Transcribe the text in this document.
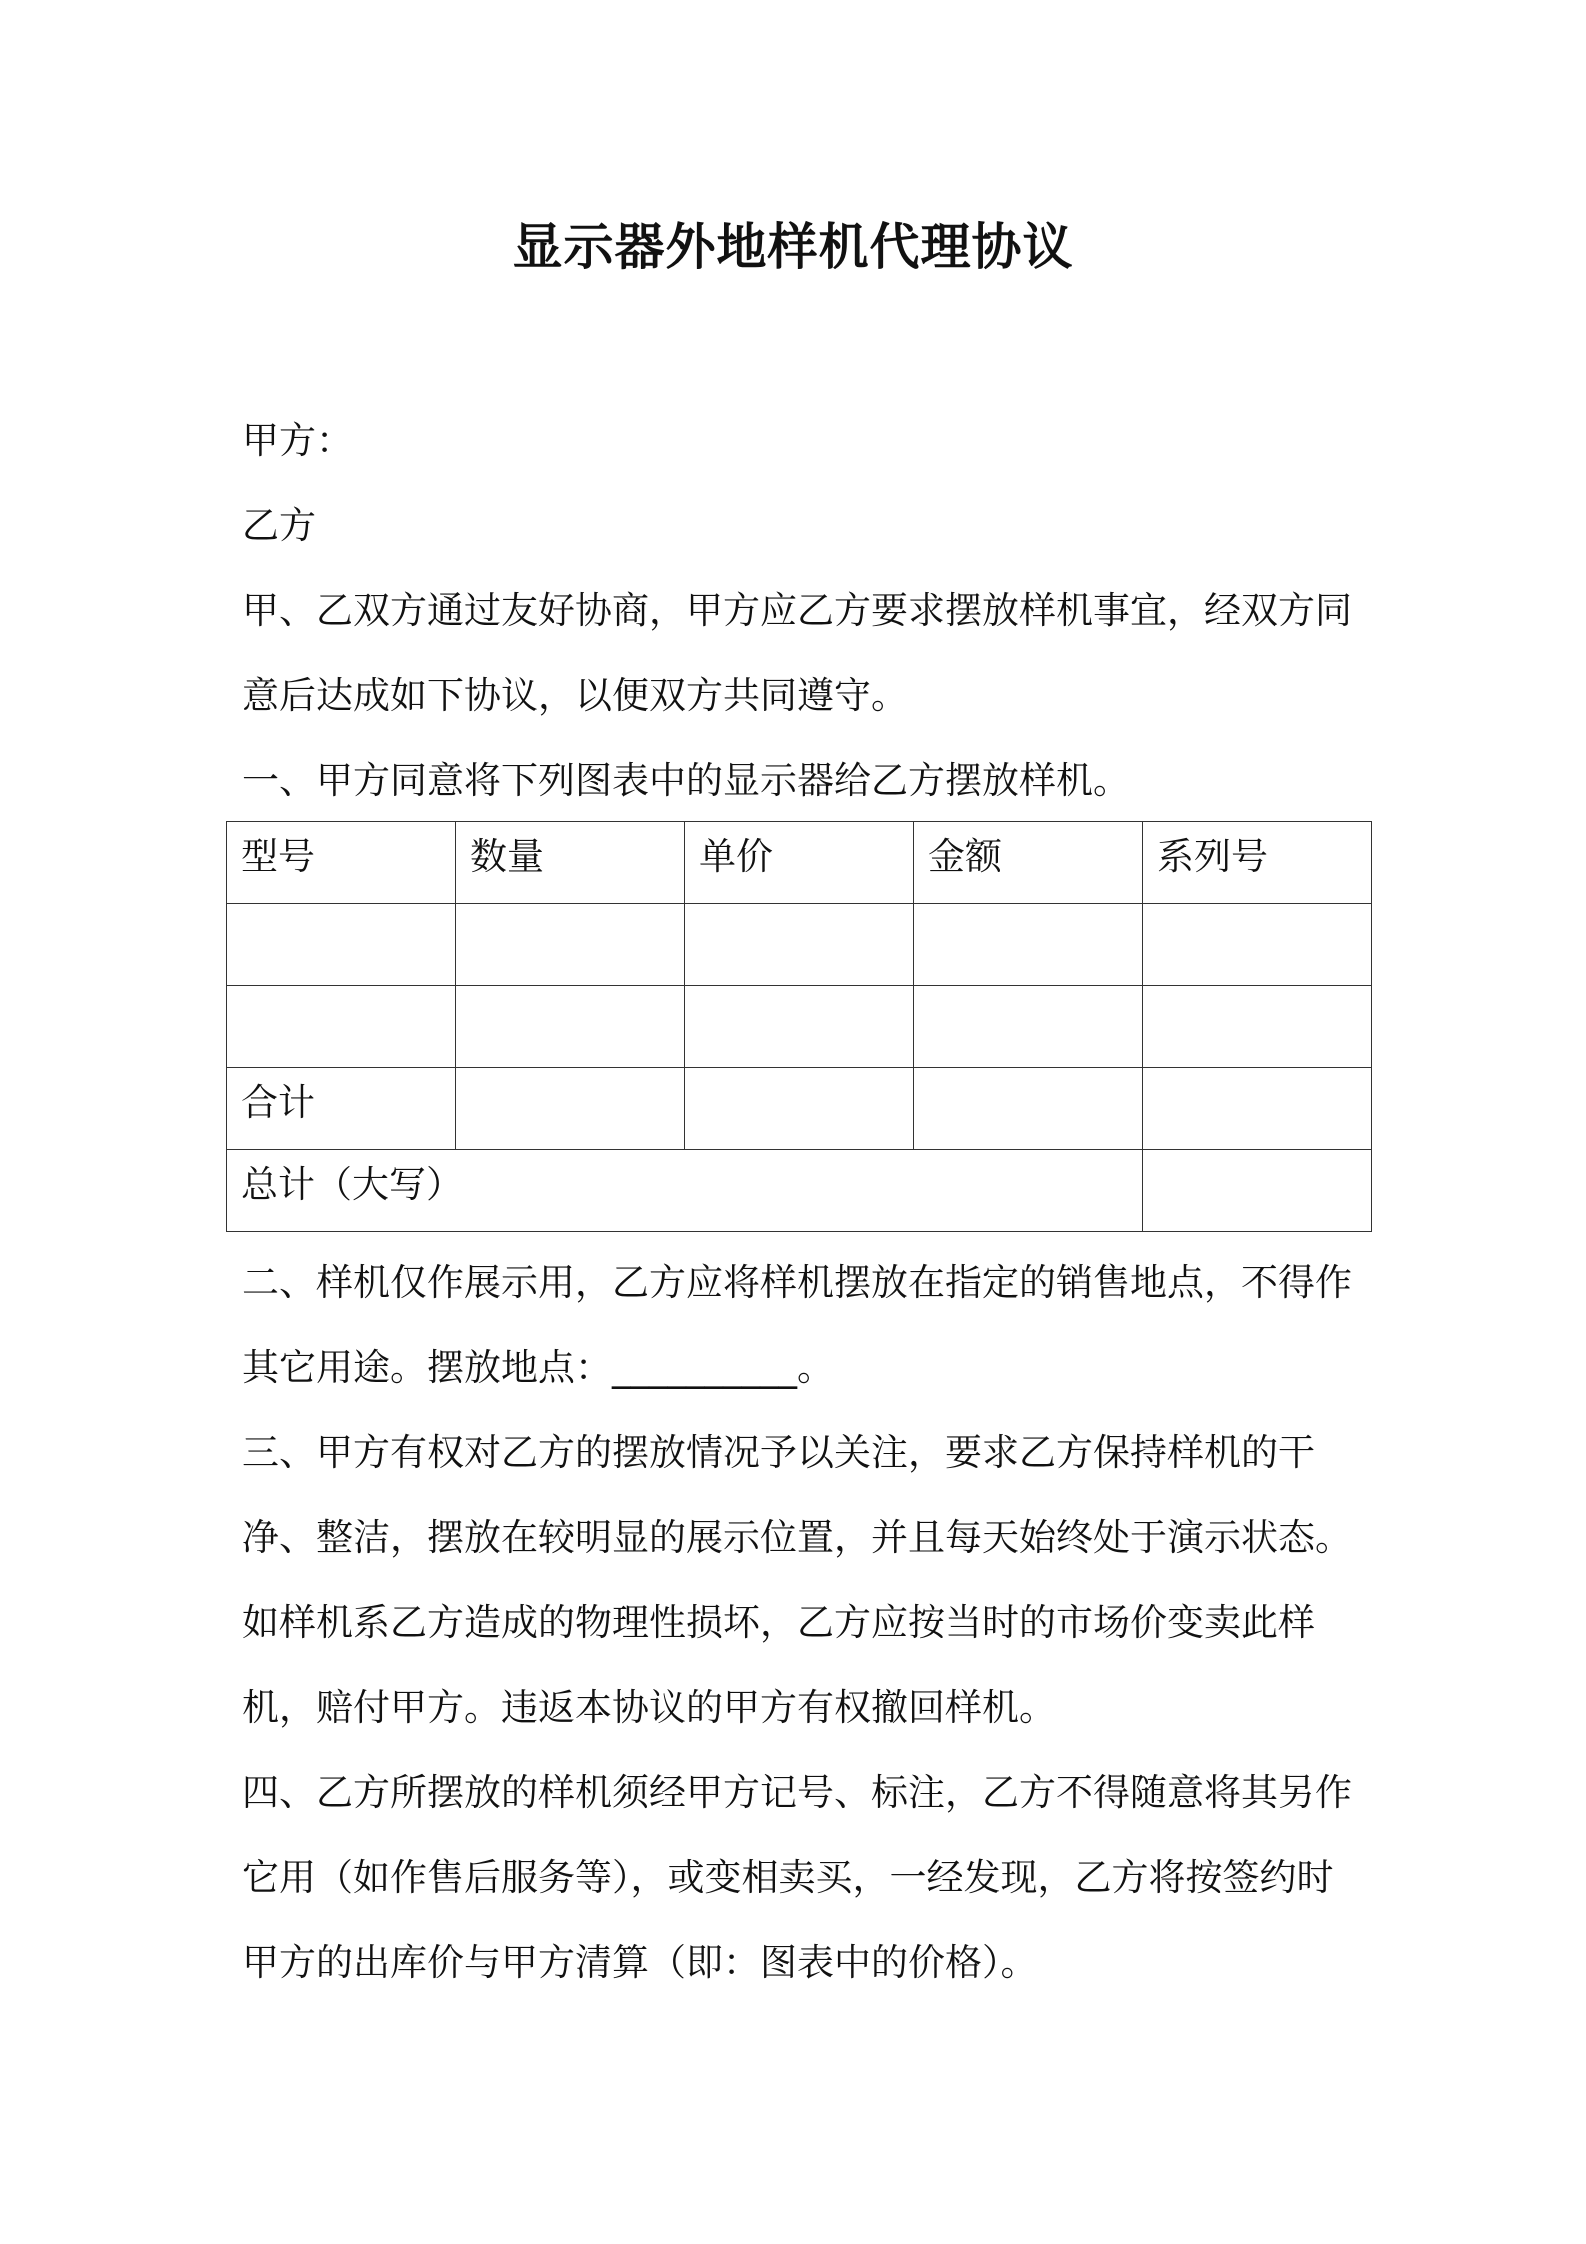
显示器外地样机代理协议

甲方：

乙方

甲、乙双方通过友好协商，甲方应乙方要求摆放样机事宜，经双方同意后达成如下协议，以便双方共同遵守。

一、甲方同意将下列图表中的显示器给乙方摆放样机。

型号	数量	单价	金额	系列号

合计				
总计（大写）				

二、样机仅作展示用，乙方应将样机摆放在指定的销售地点，不得作其它用途。摆放地点：__________。

三、甲方有权对乙方的摆放情况予以关注，要求乙方保持样机的干净、整洁，摆放在较明显的展示位置，并且每天始终处于演示状态。如样机系乙方造成的物理性损坏，乙方应按当时的市场价变卖此样机，赔付甲方。违返本协议的甲方有权撤回样机。

四、乙方所摆放的样机须经甲方记号、标注，乙方不得随意将其另作它用（如作售后服务等），或变相卖买，一经发现，乙方将按签约时甲方的出库价与甲方清算（即：图表中的价格）。
